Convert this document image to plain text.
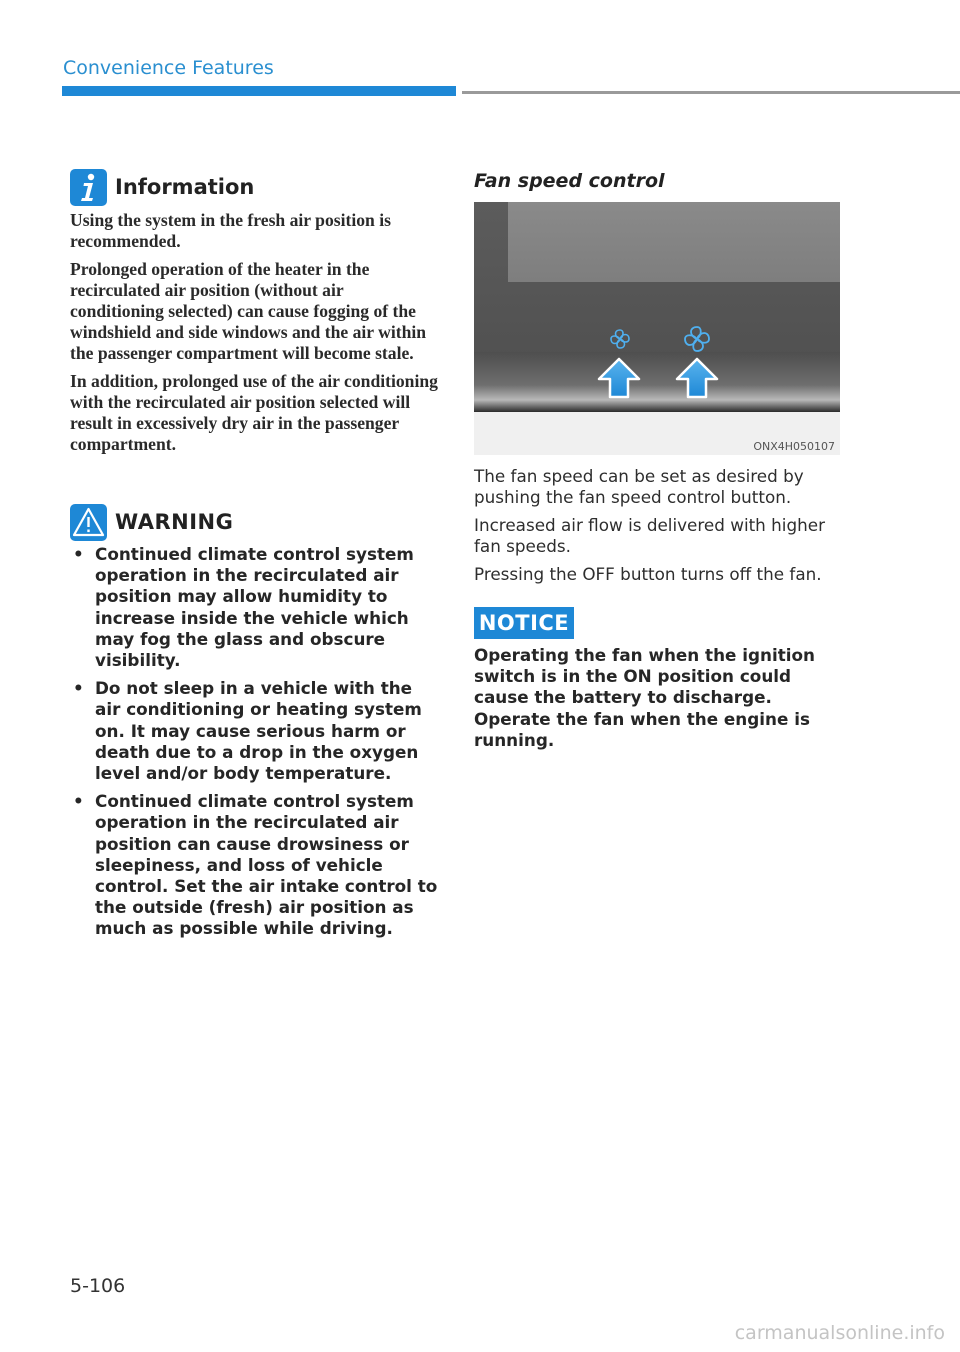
Convenience Features
Information

Using the system in the fresh air position is recommended.

Prolonged operation of the heater in the recirculated air position (without air conditioning selected) can cause fogging of the windshield and side windows and the air within the passenger compartment will become stale.

In addition, prolonged use of the air conditioning with the recirculated air position selected will result in excessively dry air in the passenger compartment.

WARNING
• Continued climate control system operation in the recirculated air position may allow humidity to increase inside the vehicle which may fog the glass and obscure visibility.
• Do not sleep in a vehicle with the air conditioning or heating system on. It may cause serious harm or death due to a drop in the oxygen level and/or body temperature.
• Continued climate control system operation in the recirculated air position can cause drowsiness or sleepiness, and loss of vehicle control. Set the air intake control to the outside (fresh) air position as much as possible while driving.
Fan speed control
ONX4H050107

The fan speed can be set as desired by pushing the fan speed control button.

Increased air flow is delivered with higher fan speeds.

Pressing the OFF button turns off the fan.

NOTICE
Operating the fan when the ignition switch is in the ON position could cause the battery to discharge. Operate the fan when the engine is running.
5-106
carmanualsonline.info
